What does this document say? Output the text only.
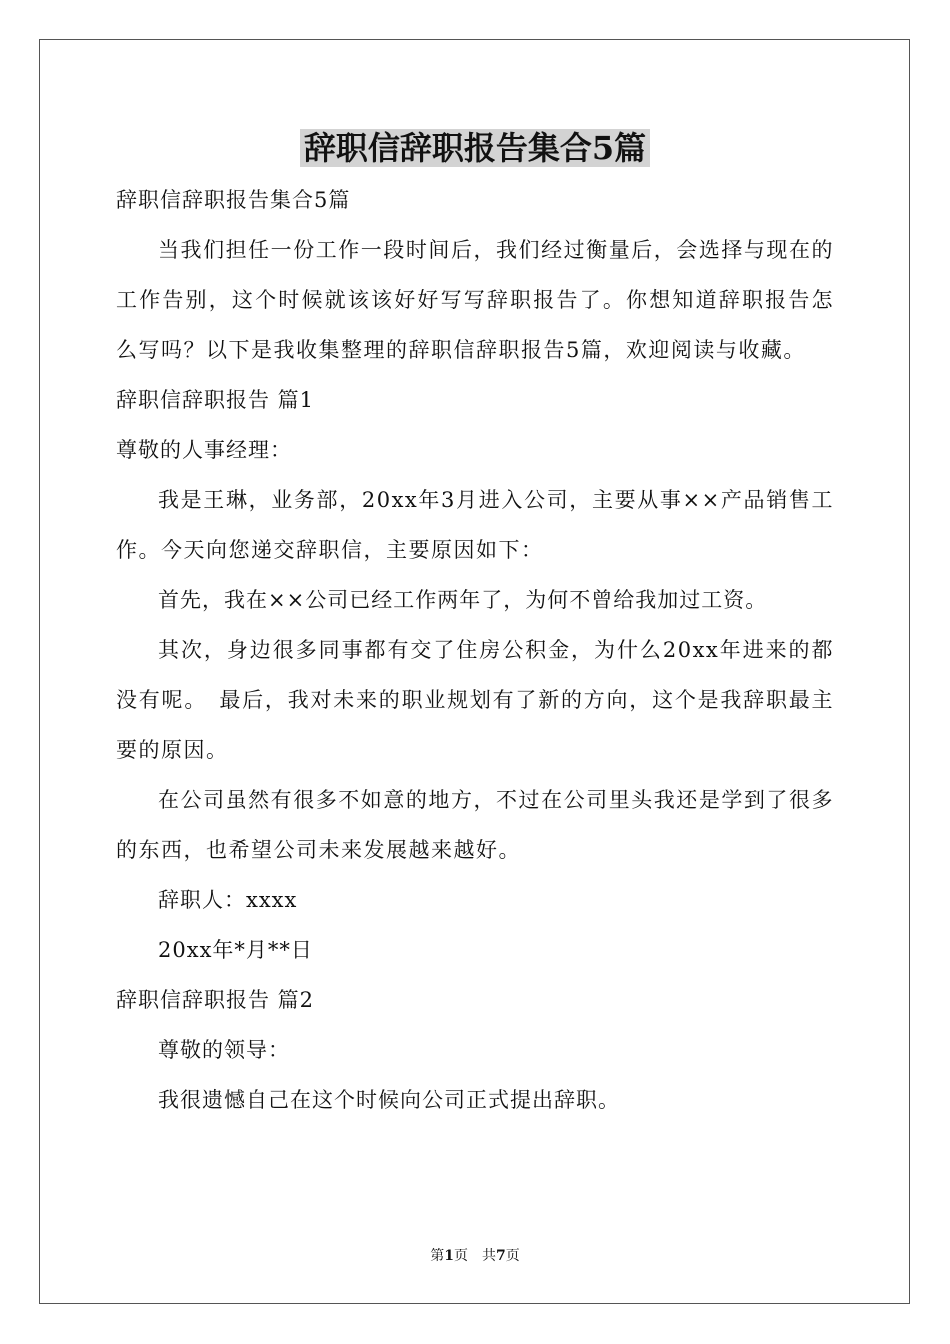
辞职信辞职报告集合5篇

辞职信辞职报告集合5篇

当我们担任一份工作一段时间后，我们经过衡量后，会选择与现在的工作告别，这个时候就该该好好写写辞职报告了。你想知道辞职报告怎么写吗？以下是我收集整理的辞职信辞职报告5篇，欢迎阅读与收藏。

辞职信辞职报告 篇1

尊敬的人事经理：

我是王琳，业务部，20xx年3月进入公司，主要从事××产品销售工作。今天向您递交辞职信，主要原因如下：

首先，我在××公司已经工作两年了，为何不曾给我加过工资。

其次，身边很多同事都有交了住房公积金，为什么20xx年进来的都没有呢。　最后，我对未来的职业规划有了新的方向，这个是我辞职最主要的原因。

在公司虽然有很多不如意的地方，不过在公司里头我还是学到了很多的东西，也希望公司未来发展越来越好。

辞职人：xxxx

20xx年*月**日

辞职信辞职报告 篇2

尊敬的领导：

我很遗憾自己在这个时候向公司正式提出辞职。

第1页　共7页
